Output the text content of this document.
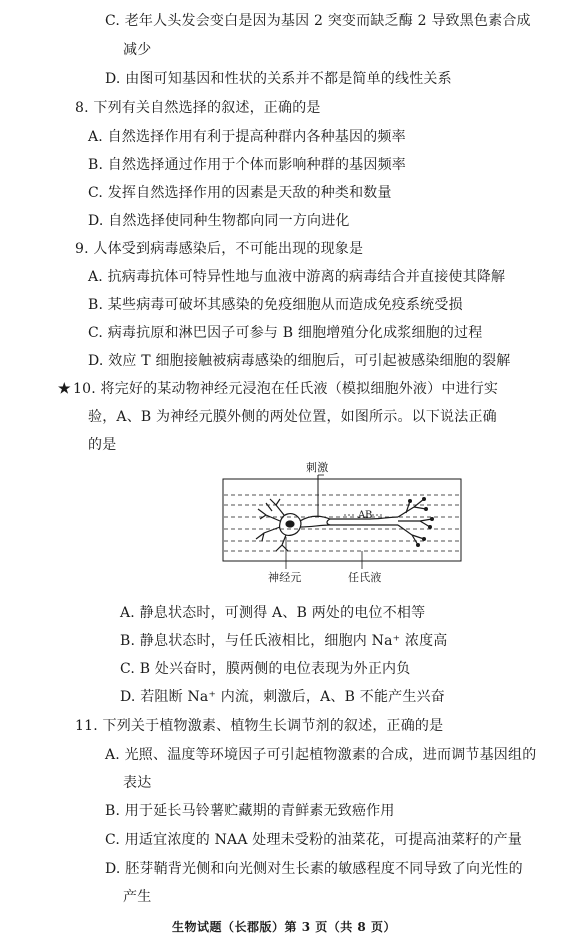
C. 老年人头发会变白是因为基因 2 突变而缺乏酶 2 导致黑色素合成
减少
D. 由图可知基因和性状的关系并不都是简单的线性关系
8. 下列有关自然选择的叙述，正确的是
A. 自然选择作用有利于提高种群内各种基因的频率
B. 自然选择通过作用于个体而影响种群的基因频率
C. 发挥自然选择作用的因素是天敌的种类和数量
D. 自然选择使同种生物都向同一方向进化
9. 人体受到病毒感染后，不可能出现的现象是
A. 抗病毒抗体可特异性地与血液中游离的病毒结合并直接使其降解
B. 某些病毒可破坏其感染的免疫细胞从而造成免疫系统受损
C. 病毒抗原和淋巴因子可参与 B 细胞增殖分化成浆细胞的过程
D. 效应 T 细胞接触被病毒感染的细胞后，可引起被感染细胞的裂解
★ 10. 将完好的某动物神经元浸泡在任氏液（模拟细胞外液）中进行实
验，A、B 为神经元膜外侧的两处位置，如图所示。以下说法正确
的是
A B
刺激
神经元	任氏液
A. 静息状态时，可测得 A、B 两处的电位不相等
B. 静息状态时，与任氏液相比，细胞内 Na⁺ 浓度高
C. B 处兴奋时，膜两侧的电位表现为外正内负
D. 若阻断 Na⁺ 内流，刺激后，A、B 不能产生兴奋
11. 下列关于植物激素、植物生长调节剂的叙述，正确的是
A. 光照、温度等环境因子可引起植物激素的合成，进而调节基因组的
表达
B. 用于延长马铃薯贮藏期的青鲜素无致癌作用
C. 用适宜浓度的 NAA 处理未受粉的油菜花，可提高油菜籽的产量
D. 胚芽鞘背光侧和向光侧对生长素的敏感程度不同导致了向光性的
产生
生物试题（长郡版）第 3 页（共 8 页）
